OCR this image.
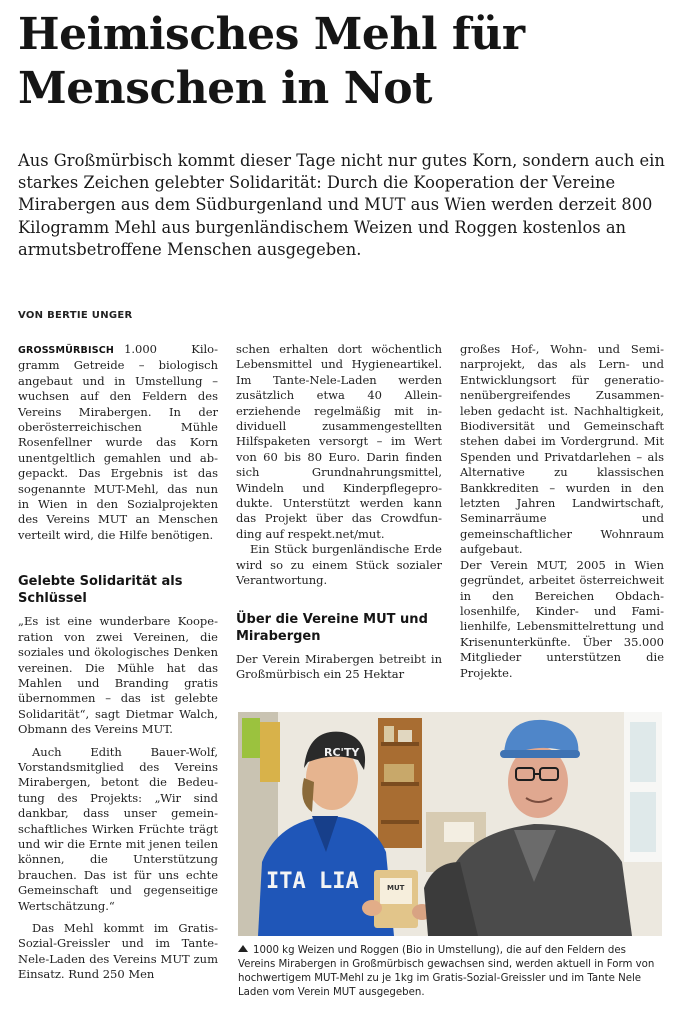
Heimisches Mehl für
Menschen in Not

Aus Großmürbisch kommt dieser Tage nicht nur gutes Korn, sondern auch ein starkes Zeichen gelebter Solidarität: Durch die Kooperation der Vereine Mirabergen aus dem Südburgenland und MUT aus Wien werden derzeit 800 Kilogramm Mehl aus burgenländischem Weizen und Roggen kostenlos an armutsbetroffene Menschen ausgegeben.

VON BERTIE UNGER

GROSSMÜRBISCH 1.000 Kilogramm Getreide – biologisch angebaut und in Umstellung – wuchsen auf den Feldern des Vereins Mirabergen. In der oberösterreichischen Mühle Rosenfellner wurde das Korn unentgeltlich gemahlen und abgepackt. Das Ergebnis ist das sogenannte MUT-Mehl, das nun in Wien in den Sozialprojekten des Vereins MUT an Menschen verteilt wird, die Hilfe benötigen.

Gelebte Solidarität als Schlüssel

„Es ist eine wunderbare Kooperation von zwei Vereinen, die soziales und ökologisches Denken vereinen. Die Mühle hat das Mahlen und Branding gratis übernommen – das ist gelebte Solidarität“, sagt Dietmar Walch, Obmann des Vereins MUT.

Auch Edith Bauer-Wolf, Vorstandsmitglied des Vereins Mirabergen, betont die Bedeutung des Projekts: „Wir sind dankbar, dass unser gemeinschaftliches Wirken Früchte trägt und wir die Ernte mit jenen teilen können, die Unterstützung brauchen. Das ist für uns echte Gemeinschaft und gegenseitige Wertschätzung.“

Das Mehl kommt im Gratis-Sozial-Greissler und im Tante-Nele-Laden des Vereins MUT zum Einsatz. Rund 250 Men

schen erhalten dort wöchentlich Lebensmittel und Hygieneartikel. Im Tante-Nele-Laden werden zusätzlich etwa 40 Alleinerziehende regelmäßig mit individuell zusammengestellten Hilfspaketen versorgt – im Wert von 60 bis 80 Euro. Darin finden sich Grundnahrungsmittel, Windeln und Kinderpflegeprodukte. Unterstützt werden kann das Projekt über das Crowdfunding auf respekt.net/mut.

Ein Stück burgenländische Erde wird so zu einem Stück sozialer Verantwortung.

Über die Vereine MUT und Mirabergen

Der Verein Mirabergen betreibt in Großmürbisch ein 25 Hektar

großes Hof-, Wohn- und Seminarprojekt, das als Lern- und Entwicklungsort für generationenübergreifendes Zusammenleben gedacht ist. Nachhaltigkeit, Biodiversität und Gemeinschaft stehen dabei im Vordergrund. Mit Spenden und Privatdarlehen – als Alternative zu klassischen Bankkrediten – wurden in den letzten Jahren Landwirtschaft, Seminarräume und gemeinschaftlicher Wohnraum aufgebaut.

Der Verein MUT, 2005 in Wien gegründet, arbeitet österreichweit in den Bereichen Obdachlosenhilfe, Kinder- und Familienhilfe, Lebensmittelrettung und Krisenunterkünfte. Über 35.000 Mitglieder unterstützen die Projekte.

RC'TY
ITA LIA	MUT
1000 kg Weizen und Roggen (Bio in Umstellung), die auf den Feldern des Vereins Mirabergen in Großmürbisch gewachsen sind, werden aktuell in Form von hochwertigem MUT-Mehl zu je 1kg im Gratis-Sozial-Greissler und im Tante Nele Laden vom Verein MUT ausgegeben.
